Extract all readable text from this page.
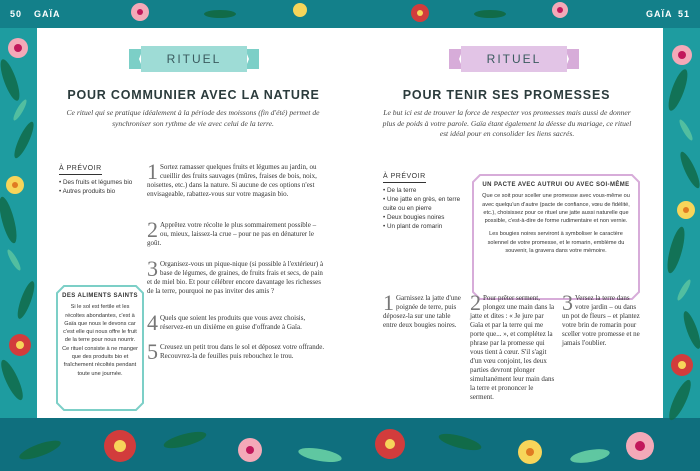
50 GAÏA	GAÏA 51
RITUEL
POUR COMMUNIER AVEC LA NATURE
Ce rituel qui se pratique idéalement à la période des moissons (fin d'été) permet de synchroniser son rythme de vie avec celui de la terre.
À PRÉVOIR
• Des fruits et légumes bio
• Autres produits bio
1 Sortez ramasser quelques fruits et légumes au jardin, ou cueillir des fruits sauvages (mûres, fraises de bois, noix, noisettes, etc.) dans la nature. Si aucune de ces options n'est envisageable, rabattez-vous sur votre magasin bio.
2 Apprêtez votre récolte le plus sommairement possible – ou, mieux, laissez-la crue – pour ne pas en dénaturer le goût.
3 Organisez-vous un pique-nique (si possible à l'extérieur) à base de légumes, de graines, de fruits frais et secs, de pain et de miel bio. Et pour célébrer encore davantage les richesses de la terre, pourquoi ne pas inviter des amis ?
4 Quels que soient les produits que vous avez choisis, réservez-en un dixième en guise d'offrande à Gaïa.
5 Creusez un petit trou dans le sol et déposez votre offrande. Recouvrez-la de feuilles puis rebouchez le trou.
DES ALIMENTS SAINTS
Si le sol est fertile et les récoltes abondantes, c'est à Gaïa que nous le devons car c'est elle qui nous offre le fruit de la terre pour nous nourrir. Ce rituel consiste à ne manger que des produits bio et fraîchement récoltés pendant toute une journée.
RITUEL
POUR TENIR SES PROMESSES
Le but ici est de trouver la force de respecter vos promesses mais aussi de donner plus de poids à votre parole. Gaïa étant également la déesse du mariage, ce rituel est idéal pour en consolider les liens sacrés.
À PRÉVOIR
• De la terre
• Une jatte en grès, en terre cuite ou en pierre
• Deux bougies noires
• Un plant de romarin
UN PACTE AVEC AUTRUI OU AVEC SOI-MÊME
Que ce soit pour sceller une promesse avec vous-même ou avec quelqu'un d'autre (pacte de confiance, vœu de fidélité, etc.), choisissez pour ce rituel une jatte aussi naturelle que possible, c'est-à-dire de forme rudimentaire et non vernie.
Les bougies noires serviront à symboliser le caractère solennel de votre promesse, et le romarin, emblème du souvenir, la gravera dans votre mémoire.
1 Garnissez la jatte d'une poignée de terre, puis déposez-la sur une table entre deux bougies noires.
2 Pour prêter serment, plongez une main dans la jatte et dites : « Je jure par Gaïa et par la terre qui me porte que... », et complétez la phrase par la promesse qui vous tient à cœur. S'il s'agit d'un vœu conjoint, les deux parties devront plonger simultanément leur main dans la terre et prononcer le serment.
3 Versez la terre dans votre jardin – ou dans un pot de fleurs – et plantez votre brin de romarin pour sceller votre promesse et ne jamais l'oublier.
